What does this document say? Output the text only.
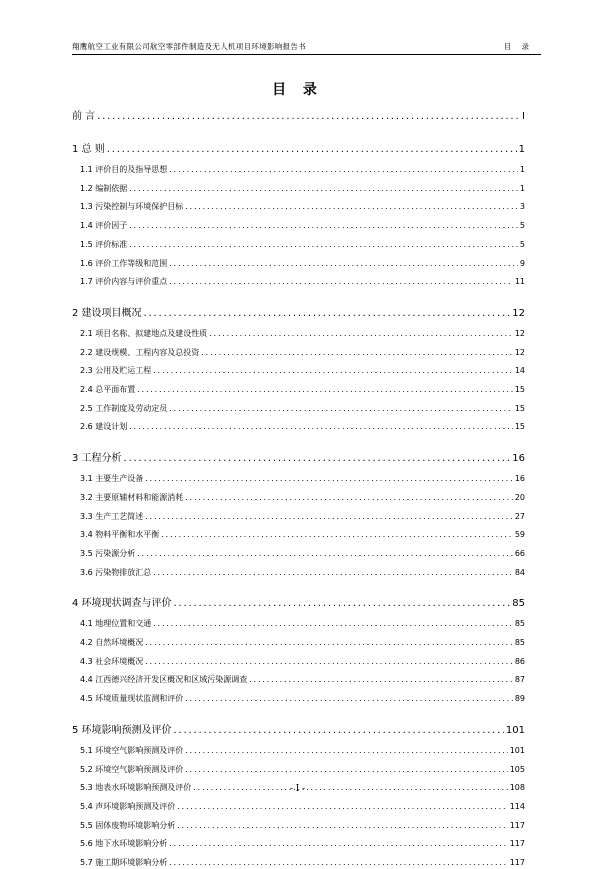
翔鹰航空工业有限公司航空零部件制造及无人机项目环境影响报告书	目 录
目 录
前 言 .....	I
1 总 则 .....	1
1.1 评价目的及指导思想 .....	1
1.2 编制依据 .....	1
1.3 污染控制与环境保护目标 .....	3
1.4 评价因子 .....	5
1.5 评价标准 .....	5
1.6 评价工作等级和范围 .....	9
1.7 评价内容与评价重点 .....	11
2 建设项目概况 .....	12
2.1 项目名称、拟建地点及建设性质 .....	12
2.2 建设规模、工程内容及总投资 .....	12
2.3 公用及贮运工程 .....	14
2.4 总平面布置 .....	15
2.5 工作制度及劳动定员 .....	15
2.6 建设计划 .....	15
3 工程分析 .....	16
3.1 主要生产设备 .....	16
3.2 主要原辅材料和能源消耗 .....	20
3.3 生产工艺简述 .....	27
3.4 物料平衡和水平衡 .....	59
3.5 污染源分析 .....	66
3.6 污染物排放汇总 .....	84
4 环境现状调查与评价 .....	85
4.1 地理位置和交通 .....	85
4.2 自然环境概况 .....	85
4.3 社会环境概况 .....	86
4.4 江西德兴经济开发区概况和区域污染源调查 .....	87
4.5 环境质量现状监测和评价 .....	89
5 环境影响预测及评价 .....	101
5.1 环境空气影响预测及评价 .....	101
5.2 环境空气影响预测及评价 .....	105
5.3 地表水环境影响预测及评价 .....	108
5.4 声环境影响预测及评价 .....	114
5.5 固体废物环境影响分析 .....	117
5.6 地下水环境影响分析 .....	117
5.7 施工期环境影响分析 .....	117
- I -
